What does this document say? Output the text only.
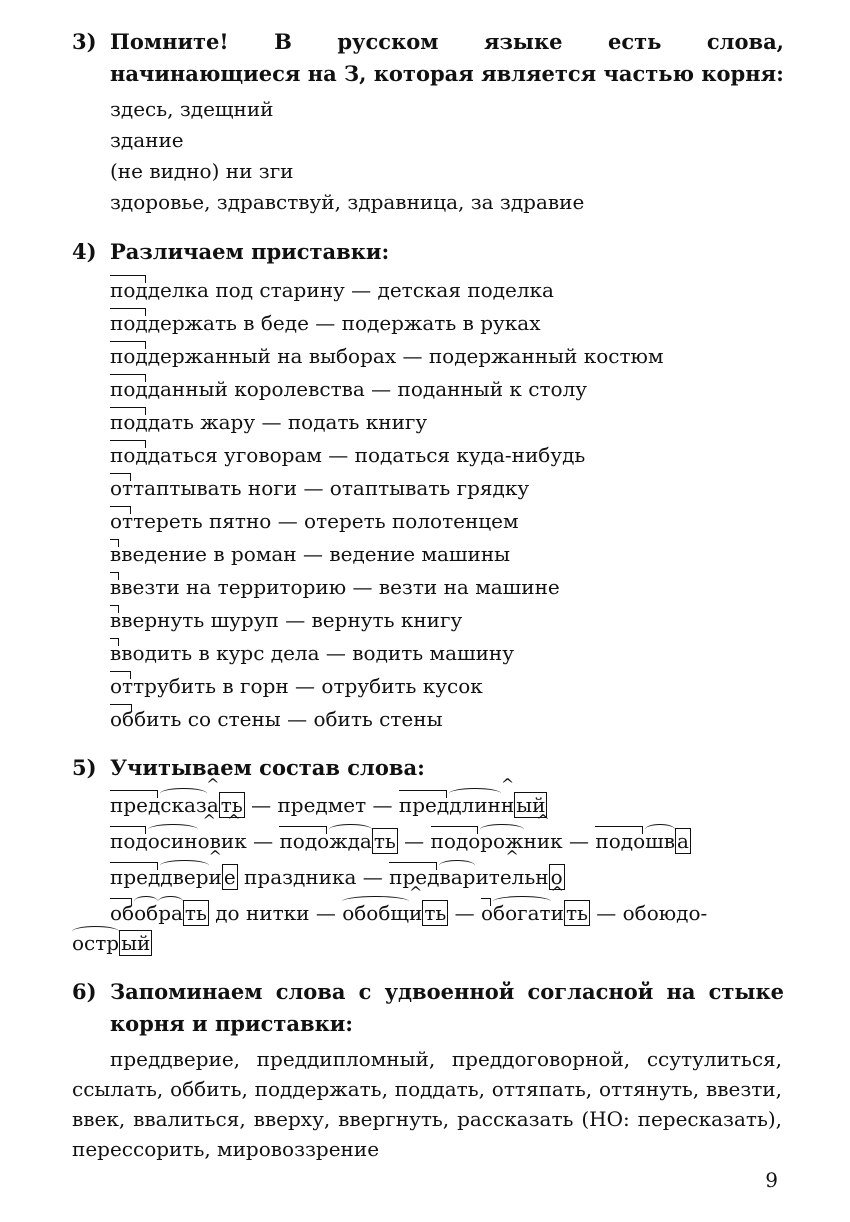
3) Помните! В русском языке есть слова, начинающиеся на З, которая является частью корня:
здесь, здещний
здание
(не видно) ни зги
здоровье, здравствуй, здравница, за здравие
4) Различаем приставки:
подделка под старину — детская поделка
поддержать в беде — подержать в руках
поддержанный на выборах — подержанный костюм
подданный королевства — поданный к столу
поддать жару — подать книгу
поддаться уговорам — податься куда-нибудь
оттаптывать ноги — отаптывать грядку
оттереть пятно — отереть полотенцем
введение в роман — ведение машины
ввезти на территорию — везти на машине
ввернуть шуруп — вернуть книгу
вводить в курс дела — водить машину
оттрубить в горн — отрубить кусок
оббить со стены — обить стены
5) Учитываем состав слова:
предсказ^ а ть — предмет — преддлин^ н ый
подосин^ ов^ ик — подожда ть — подорож^ ник — подошв а
преддвер^ и е праздника — предвар^ ительн о
обобра ть до нитки — обобщ^ и ть — обогат^ и ть — обоюдо-
остр ый
6) Запоминаем слова с удвоенной согласной на стыке корня и приставки:
преддверие, преддипломный, преддоговорной, ссутулиться, ссылать, оббить, поддержать, поддать, оттяпать, оттянуть, ввезти, ввек, ввалиться, вверху, ввергнуть, рассказать (НО: пересказать), перессорить, мировоззрение
9
